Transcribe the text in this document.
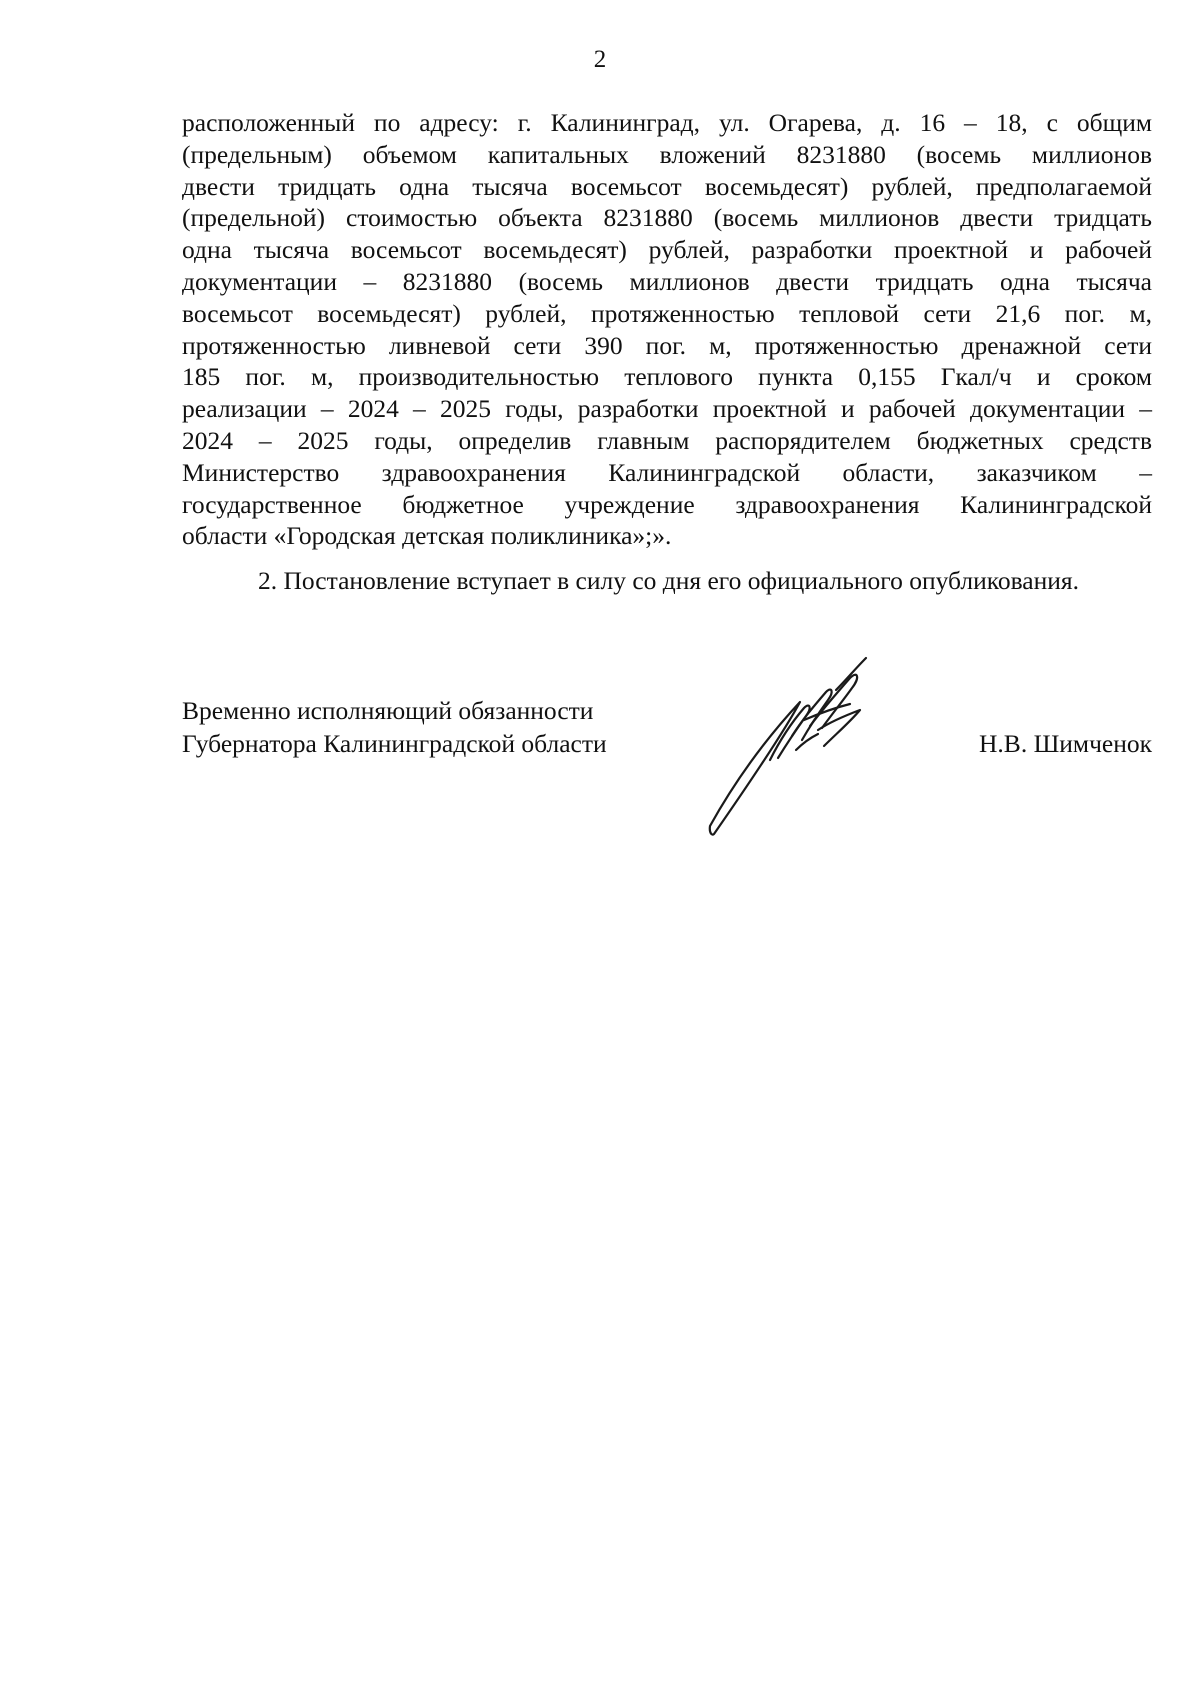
2
расположенный по адресу: г. Калининград, ул. Огарева, д. 16 – 18, с общим
(предельным) объемом капитальных вложений 8231880 (восемь миллионов
двести тридцать одна тысяча восемьсот восемьдесят) рублей, предполагаемой
(предельной) стоимостью объекта 8231880 (восемь миллионов двести тридцать
одна тысяча восемьсот восемьдесят) рублей, разработки проектной и рабочей
документации – 8231880 (восемь миллионов двести тридцать одна тысяча
восемьсот восемьдесят) рублей, протяженностью тепловой сети 21,6 пог. м,
протяженностью ливневой сети 390 пог. м, протяженностью дренажной сети
185 пог. м, производительностью теплового пункта 0,155 Гкал/ч и сроком
реализации – 2024 – 2025 годы, разработки проектной и рабочей документации –
2024 – 2025 годы, определив главным распорядителем бюджетных средств
Министерство здравоохранения Калининградской области, заказчиком –
государственное бюджетное учреждение здравоохранения Калининградской
области «Городская детская поликлиника»;».
2. Постановление вступает в силу со дня его официального опубликования.
Временно исполняющий обязанности
Губернатора Калининградской области	Н.В. Шимченок
